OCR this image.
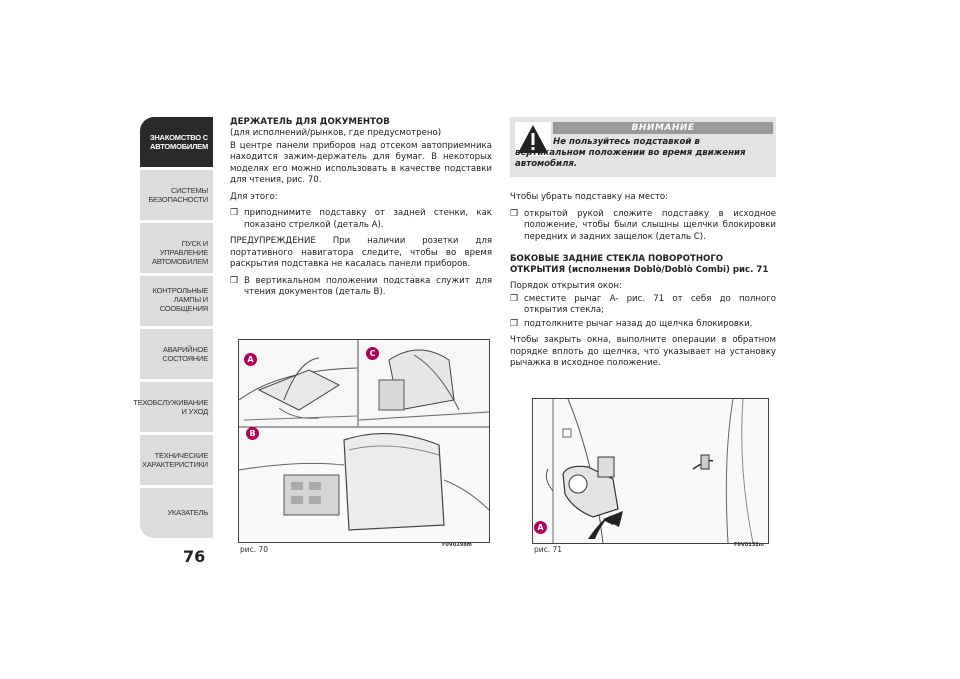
ЗНАКОМСТВО С
АВТОМОБИЛЕМ
СИСТЕМЫ
БЕЗОПАСНОСТИ
ПУСК И УПРАВЛЕНИЕ
АВТОМОБИЛЕМ
КОНТРОЛЬНЫЕ
ЛАМПЫ И
СООБЩЕНИЯ
АВАРИЙНОЕ
СОСТОЯНИЕ
ТЕХОБСЛУЖИВАНИЕ
И УХОД
ТЕХНИЧЕСКИЕ
ХАРАКТЕРИСТИКИ
УКАЗАТЕЛЬ
76
ДЕРЖАТЕЛЬ ДЛЯ ДОКУМЕНТОВ
(для исполнений/рынков, где предусмотрено)

В центре панели приборов над отсеком автоприемника находится зажим-держатель для бумаг. В некоторых моделях его можно использовать в качестве подставки для чтения, рис. 70.

Для этого:

❒ приподнимите подставку от задней стенки, как показано стрелкой (деталь A).

ПРЕДУПРЕЖДЕНИЕ При наличии розетки для портативного навигатора следите, чтобы во время раскрытия подставка не касалась панели приборов.

❒ В вертикальном положении подставка служит для чтения документов (деталь B).
ВНИМАНИЕ
Не пользуйтесь подставкой в вертикальном положении во время движения автомобиля.

Чтобы убрать подставку на место:

❒ открытой рукой сложите подставку в исходное положение, чтобы были слышны щелчки блокировки передних и задних защелок (деталь C).
БОКОВЫЕ ЗАДНИЕ СТЕКЛА ПОВОРОТНОГО
ОТКРЫТИЯ (исполнения Doblò/Doblò Combi) рис. 71

Порядок открытия окон:

❒ сместите рычаг A- рис. 71 от себя до полного открытия стекла;
❒ подтолкните рычаг назад до щелчка блокировки.

Чтобы закрыть окна, выполните операции в обратном порядке вплоть до щелчка, что указывает на установку рычажка в исходное положение.

A
C
B
рис. 70	F0V0198m
A
рис. 71	F0V0132m
